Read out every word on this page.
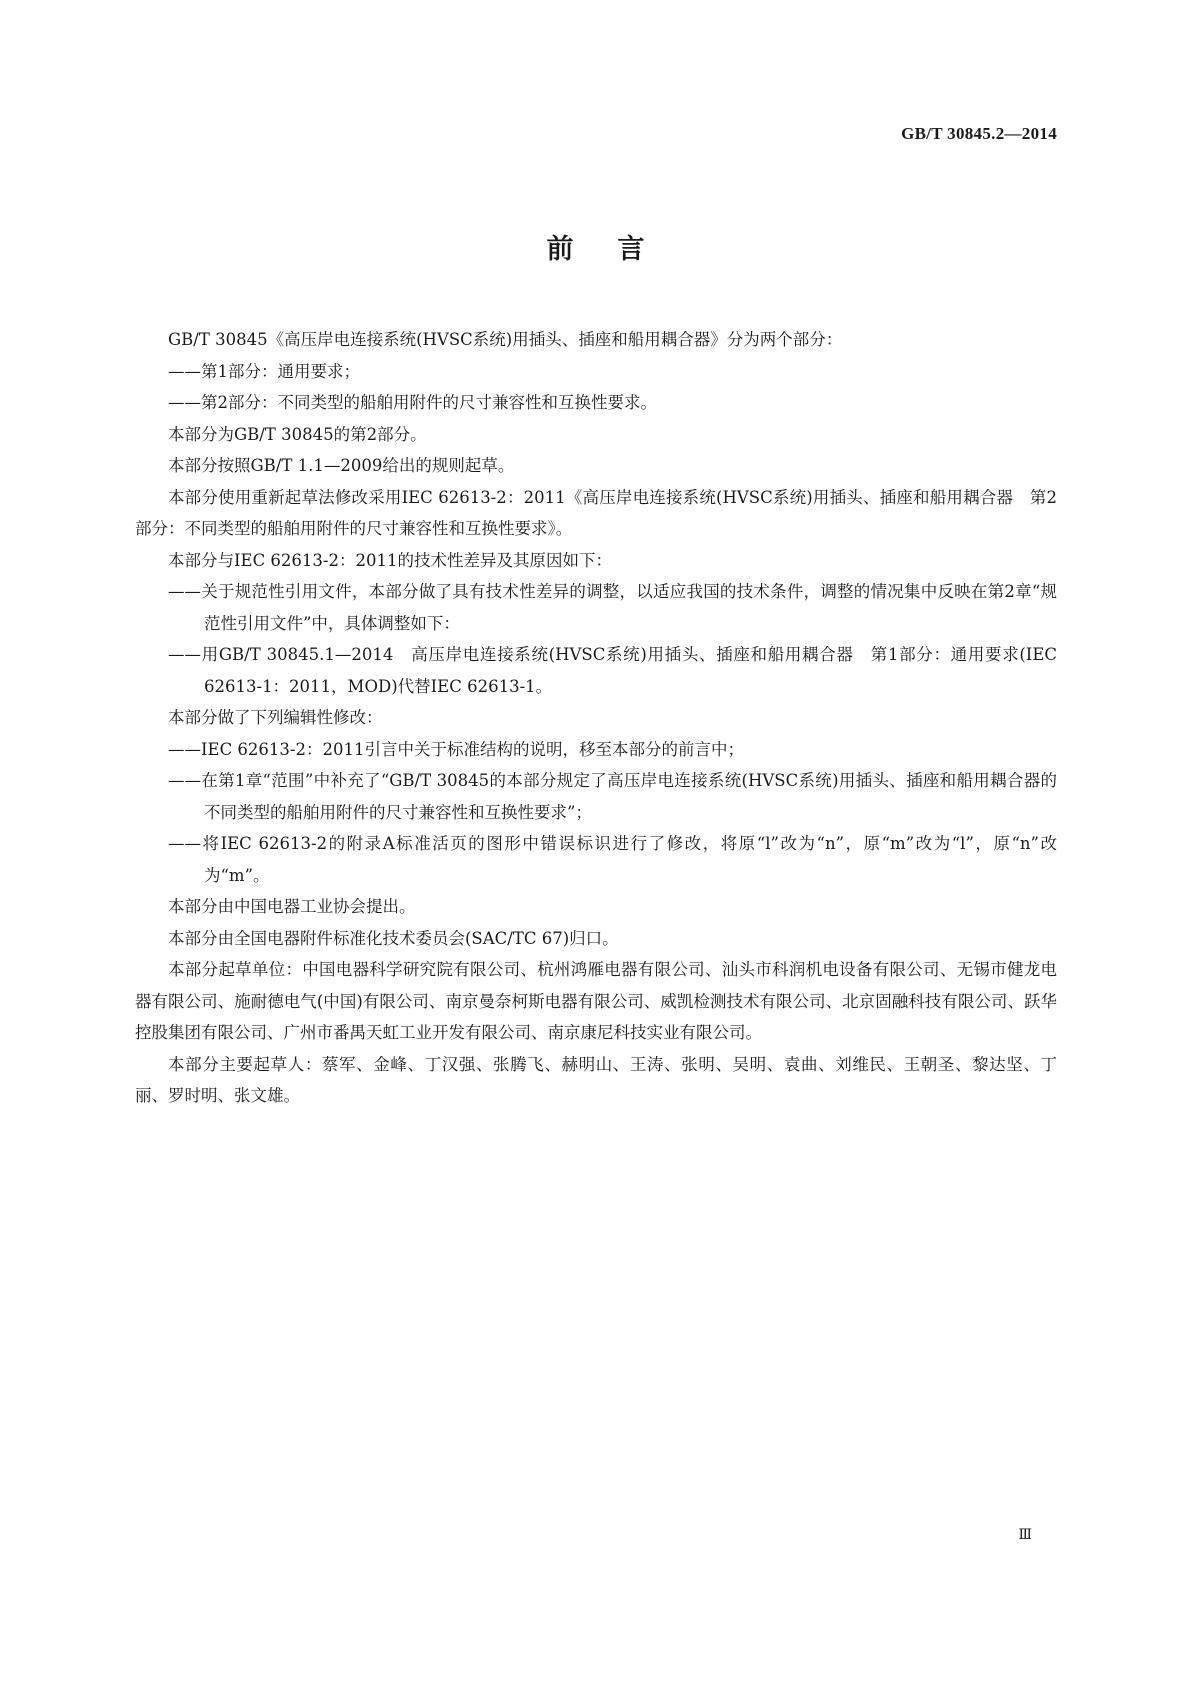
GB/T 30845.2—2014
前言

GB/T 30845《高压岸电连接系统(HVSC系统)用插头、插座和船用耦合器》分为两个部分：

——第1部分：通用要求；

——第2部分：不同类型的船舶用附件的尺寸兼容性和互换性要求。

本部分为GB/T 30845的第2部分。

本部分按照GB/T 1.1—2009给出的规则起草。

本部分使用重新起草法修改采用IEC 62613-2：2011《高压岸电连接系统(HVSC系统)用插头、插座和船用耦合器　第2部分：不同类型的船舶用附件的尺寸兼容性和互换性要求》。

本部分与IEC 62613-2：2011的技术性差异及其原因如下：

——关于规范性引用文件，本部分做了具有技术性差异的调整，以适应我国的技术条件，调整的情况集中反映在第2章“规范性引用文件”中，具体调整如下：

——用GB/T 30845.1—2014　高压岸电连接系统(HVSC系统)用插头、插座和船用耦合器　第1部分：通用要求(IEC 62613-1：2011，MOD)代替IEC 62613-1。

本部分做了下列编辑性修改：

——IEC 62613-2：2011引言中关于标准结构的说明，移至本部分的前言中；

——在第1章“范围”中补充了“GB/T 30845的本部分规定了高压岸电连接系统(HVSC系统)用插头、插座和船用耦合器的不同类型的船舶用附件的尺寸兼容性和互换性要求”；

——将IEC 62613-2的附录A标准活页的图形中错误标识进行了修改，将原“l”改为“n”，原“m”改为“l”，原“n”改为“m”。

本部分由中国电器工业协会提出。

本部分由全国电器附件标准化技术委员会(SAC/TC 67)归口。

本部分起草单位：中国电器科学研究院有限公司、杭州鸿雁电器有限公司、汕头市科润机电设备有限公司、无锡市健龙电器有限公司、施耐德电气(中国)有限公司、南京曼奈柯斯电器有限公司、威凯检测技术有限公司、北京固融科技有限公司、跃华控股集团有限公司、广州市番禺天虹工业开发有限公司、南京康尼科技实业有限公司。

本部分主要起草人：蔡军、金峰、丁汉强、张腾飞、赫明山、王涛、张明、吴明、袁曲、刘维民、王朝圣、黎达坚、丁丽、罗时明、张文雄。

Ⅲ
